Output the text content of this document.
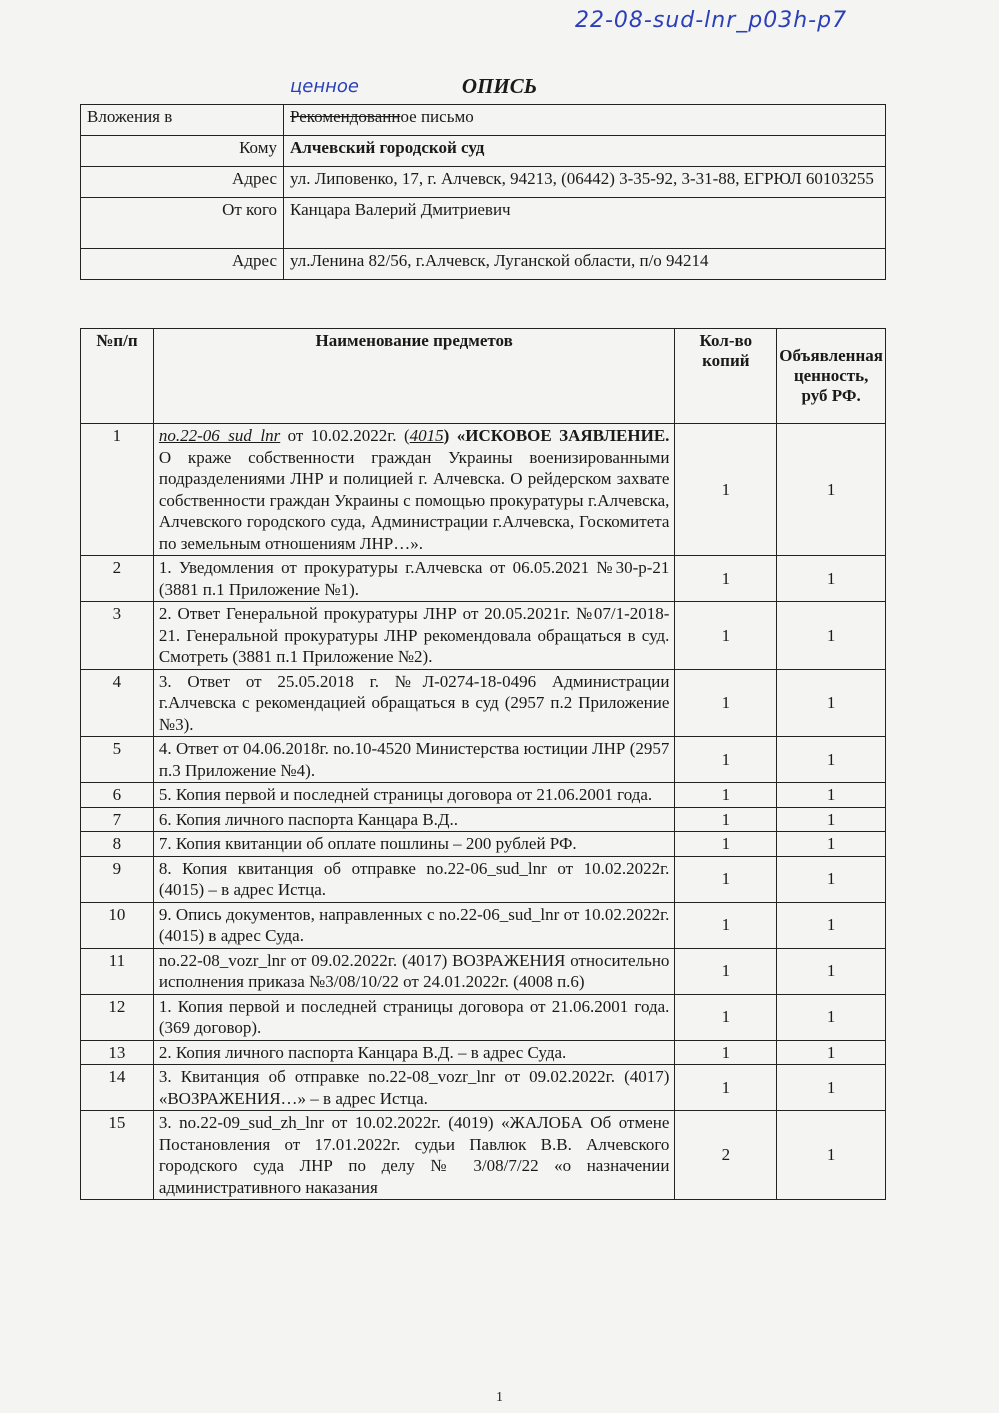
22-08-sud-lnr_р03h-р7
ценное	ОПИСЬ
Вложения в	Рекомендованное письмо
Кому	Алчевский городской суд
Адрес	ул. Липовенко, 17, г. Алчевск, 94213, (06442) 3-35-92, 3-31-88, ЕГРЮЛ 60103255
От кого	Канцара Валерий Дмитриевич
Адрес	ул.Ленина 82/56, г.Алчевск, Луганской области, п/о 94214
№п/п	Наименование предметов	Кол-во копий	Объявленная ценность, руб РФ.
1	no.22-06_sud_lnr от 10.02.2022г. (4015) «ИСКОВОЕ ЗАЯВЛЕНИЕ. О краже собственности граждан Украины военизированными подразделениями ЛНР и полицией г. Алчевска. О рейдерском захвате собственности граждан Украины с помощью прокуратуры г.Алчевска, Алчевского городского суда, Администрации г.Алчевска, Госкомитета по земельным отношениям ЛНР…».	1	1
2	1. Уведомления от прокуратуры г.Алчевска от 06.05.2021 №30-р-21 (3881 п.1 Приложение №1).	1	1
3	2. Ответ Генеральной прокуратуры ЛНР от 20.05.2021г. №07/1-2018-21. Генеральной прокуратуры ЛНР рекомендовала обращаться в суд. Смотреть (3881 п.1 Приложение №2).	1	1
4	3. Ответ от 25.05.2018 г. №Л-0274-18-0496 Администрации г.Алчевска с рекомендацией обращаться в суд (2957 п.2 Приложение №3).	1	1
5	4. Ответ от 04.06.2018г. no.10-4520 Министерства юстиции ЛНР (2957 п.3 Приложение №4).	1	1
6	5. Копия первой и последней страницы договора от 21.06.2001 года.	1	1
7	6. Копия личного паспорта Канцара В.Д..	1	1
8	7. Копия квитанции об оплате пошлины – 200 рублей РФ.	1	1
9	8. Копия квитанция об отправке no.22-06_sud_lnr от 10.02.2022г. (4015) – в адрес Истца.	1	1
10	9. Опись документов, направленных с no.22-06_sud_lnr от 10.02.2022г. (4015) в адрес Суда.	1	1
11	no.22-08_vozr_lnr от 09.02.2022г. (4017) ВОЗРАЖЕНИЯ относительно исполнения приказа №3/08/10/22 от 24.01.2022г. (4008 п.6)	1	1
12	1. Копия первой и последней страницы договора от 21.06.2001 года. (369 договор).	1	1
13	2. Копия личного паспорта Канцара В.Д. – в адрес Суда.	1	1
14	3. Квитанция об отправке no.22-08_vozr_lnr от 09.02.2022г. (4017) «ВОЗРАЖЕНИЯ…» – в адрес Истца.	1	1
15	3. no.22-09_sud_zh_lnr от 10.02.2022г. (4019) «ЖАЛОБА Об отмене Постановления от 17.01.2022г. судьи Павлюк В.В. Алчевского городского суда ЛНР по делу № 3/08/7/22 «о назначении административного наказания	2	1
1
